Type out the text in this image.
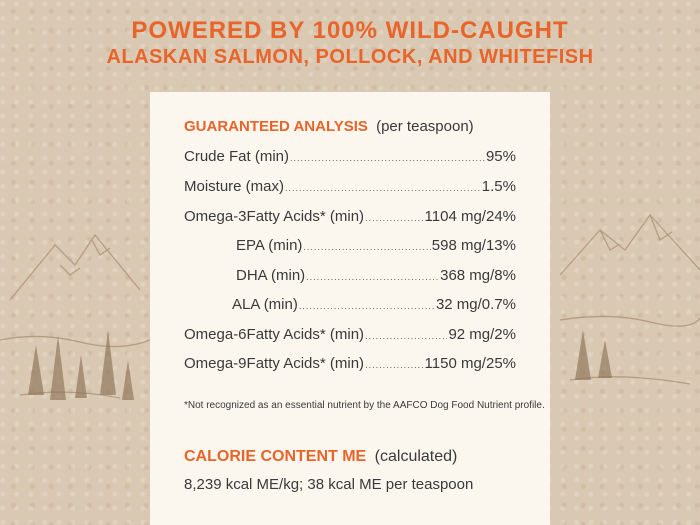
POWERED BY 100% WILD-CAUGHT
ALASKAN SALMON, POLLOCK, AND WHITEFISH
GUARANTEED ANALYSIS (per teaspoon)
Crude Fat (min) .....	95%
Moisture (max) .....	1.5%
Omega-3Fatty Acids* (min) .....	1104 mg/24%
EPA (min) .....	598 mg/13%
DHA (min) .....	368 mg/8%
ALA (min) .....	32 mg/0.7%
Omega-6Fatty Acids* (min) .....	92 mg/2%
Omega-9Fatty Acids* (min) .....	1150 mg/25%
*Not recognized as an essential nutrient by the AAFCO Dog Food Nutrient profile.
CALORIE CONTENT ME (calculated)
8,239 kcal ME/kg; 38 kcal ME per teaspoon
